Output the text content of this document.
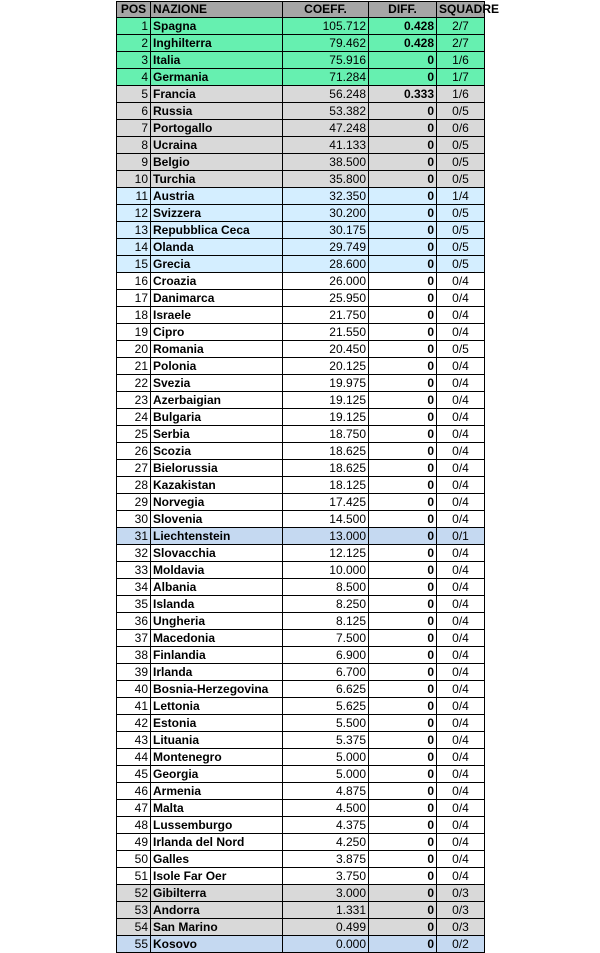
POS	NAZIONE	COEFF.	DIFF.	SQUADRE
1	Spagna	105.712	0.428	2/7
2	Inghilterra	79.462	0.428	2/7
3	Italia	75.916	0	1/6
4	Germania	71.284	0	1/7
5	Francia	56.248	0.333	1/6
6	Russia	53.382	0	0/5
7	Portogallo	47.248	0	0/6
8	Ucraina	41.133	0	0/5
9	Belgio	38.500	0	0/5
10	Turchia	35.800	0	0/5
11	Austria	32.350	0	1/4
12	Svizzera	30.200	0	0/5
13	Repubblica Ceca	30.175	0	0/5
14	Olanda	29.749	0	0/5
15	Grecia	28.600	0	0/5
16	Croazia	26.000	0	0/4
17	Danimarca	25.950	0	0/4
18	Israele	21.750	0	0/4
19	Cipro	21.550	0	0/4
20	Romania	20.450	0	0/5
21	Polonia	20.125	0	0/4
22	Svezia	19.975	0	0/4
23	Azerbaigian	19.125	0	0/4
24	Bulgaria	19.125	0	0/4
25	Serbia	18.750	0	0/4
26	Scozia	18.625	0	0/4
27	Bielorussia	18.625	0	0/4
28	Kazakistan	18.125	0	0/4
29	Norvegia	17.425	0	0/4
30	Slovenia	14.500	0	0/4
31	Liechtenstein	13.000	0	0/1
32	Slovacchia	12.125	0	0/4
33	Moldavia	10.000	0	0/4
34	Albania	8.500	0	0/4
35	Islanda	8.250	0	0/4
36	Ungheria	8.125	0	0/4
37	Macedonia	7.500	0	0/4
38	Finlandia	6.900	0	0/4
39	Irlanda	6.700	0	0/4
40	Bosnia-Herzegovina	6.625	0	0/4
41	Lettonia	5.625	0	0/4
42	Estonia	5.500	0	0/4
43	Lituania	5.375	0	0/4
44	Montenegro	5.000	0	0/4
45	Georgia	5.000	0	0/4
46	Armenia	4.875	0	0/4
47	Malta	4.500	0	0/4
48	Lussemburgo	4.375	0	0/4
49	Irlanda del Nord	4.250	0	0/4
50	Galles	3.875	0	0/4
51	Isole Far Oer	3.750	0	0/4
52	Gibilterra	3.000	0	0/3
53	Andorra	1.331	0	0/3
54	San Marino	0.499	0	0/3
55	Kosovo	0.000	0	0/2
